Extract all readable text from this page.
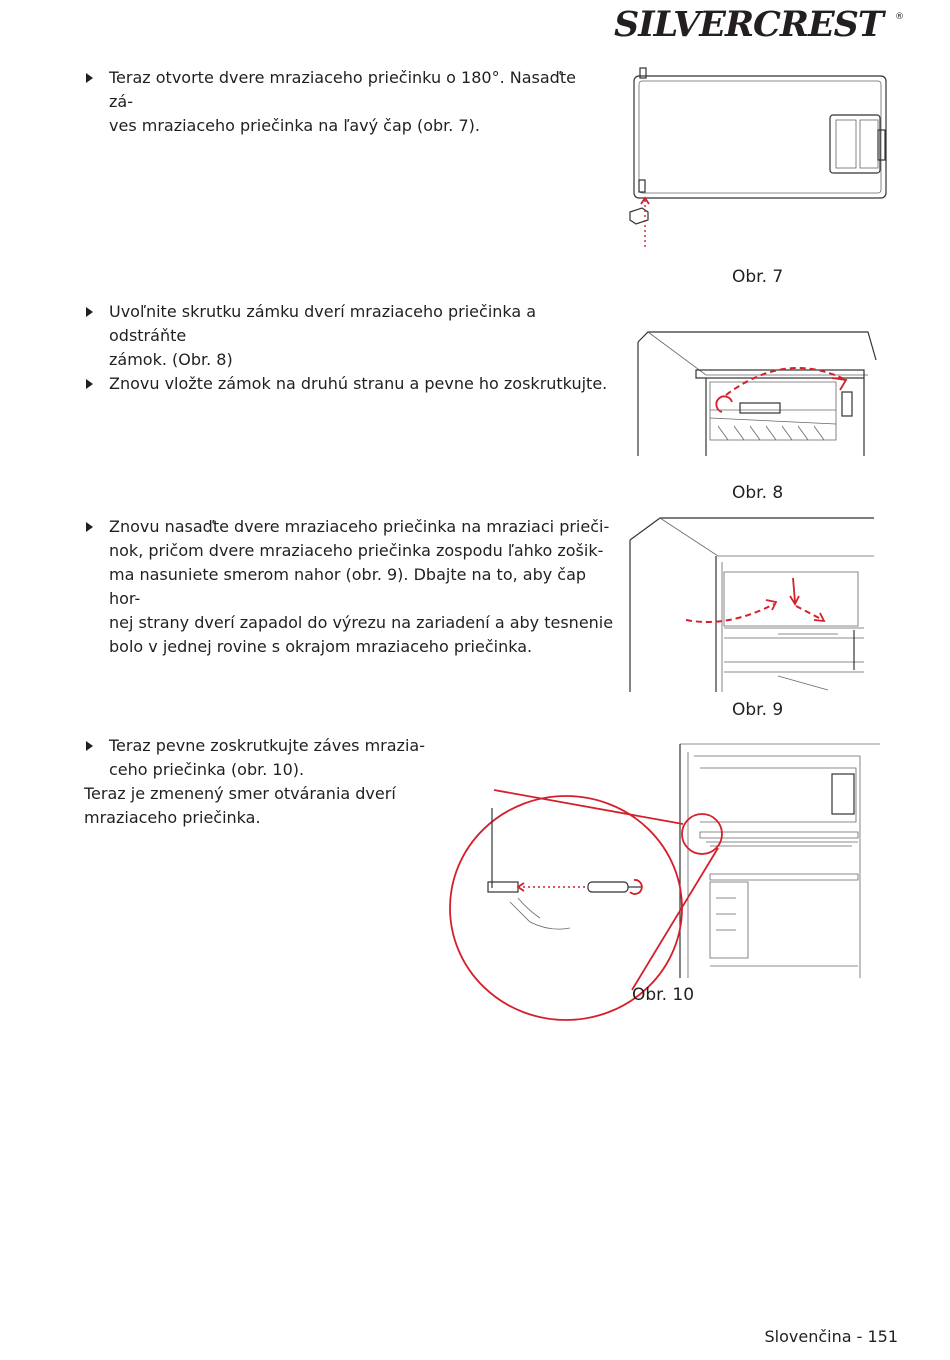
SILVERCREST ®
Teraz otvorte dvere mraziaceho priečinku o 180°. Nasaďte zá-
ves mraziaceho priečinka na ľavý čap (obr. 7).
Uvoľnite skrutku zámku dverí mraziaceho priečinka a odstráňte
zámok. (Obr. 8)
Znovu vložte zámok na druhú stranu a pevne ho zoskrutkujte.
Znovu nasaďte dvere mraziaceho priečinka na mraziaci prieči-
nok, pričom dvere mraziaceho priečinka zospodu ľahko zošik-
ma nasuniete smerom nahor (obr. 9). Dbajte na to, aby čap hor-
nej strany dverí zapadol do výrezu na zariadení a aby tesnenie
bolo v jednej rovine s okrajom mraziaceho priečinka.
Teraz pevne zoskrutkujte záves mrazia-
ceho priečinka (obr. 10).
Teraz je zmenený smer otvárania dverí
mraziaceho priečinka.
Obr. 7
Obr. 8
Obr. 9
Obr. 10
Slovenčina - 151
